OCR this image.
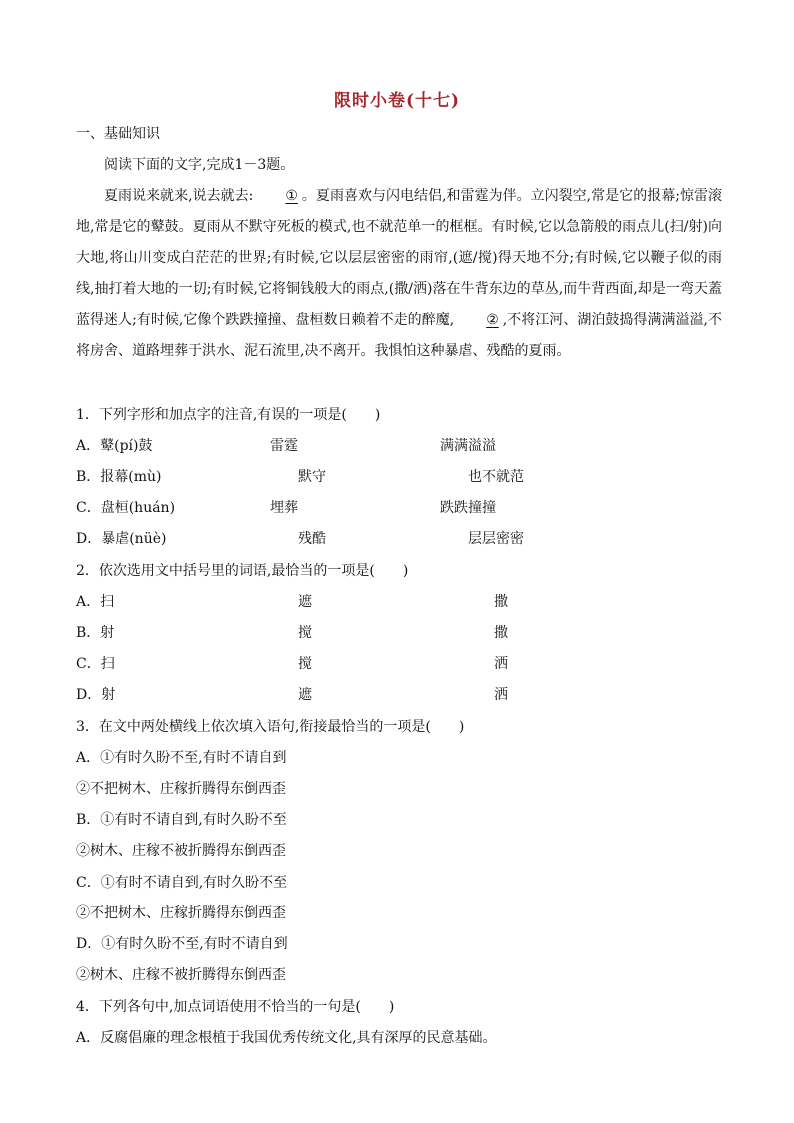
限时小卷(十七)
一、基础知识
阅读下面的文字,完成1－3题。
夏雨说来就来,说去就去: ① 。夏雨喜欢与闪电结侣,和雷霆为伴。立闪裂空,常是它的报幕;惊雷滚地,常是它的鼙鼓。夏雨从不默守死板的模式,也不就范单一的框框。有时候,它以急箭般的雨点儿(扫/射)向大地,将山川变成白茫茫的世界;有时候,它以层层密密的雨帘,(遮/搅)得天地不分;有时候,它以鞭子似的雨线,抽打着大地的一切;有时候,它将铜钱般大的雨点,(撒/洒)落在牛背东边的草丛,而牛背西面,却是一弯天蓋蓝得迷人;有时候,它像个跌跌撞撞、盘桓数日赖着不走的醉魔, ② ,不将江河、湖泊鼓捣得满满溢溢,不将房舍、道路埋葬于洪水、泥石流里,决不离开。我惧怕这种暴虐、残酷的夏雨。
1．下列字形和加点字的注音,有误的一项是(　　)
A．鼙(pí)鼓	雷霆	满满溢溢
B．报幕(mù)	默守	也不就范
C．盘桓(huán)	埋葬	跌跌撞撞
D．暴虐(nüè)	残酷	层层密密
2．依次选用文中括号里的词语,最恰当的一项是(　　)
A．扫	遮	撒
B．射	搅	撒
C．扫	搅	洒
D．射	遮	洒
3．在文中两处横线上依次填入语句,衔接最恰当的一项是(　　)
A．①有时久盼不至,有时不请自到
②不把树木、庄稼折腾得东倒西歪
B．①有时不请自到,有时久盼不至
②树木、庄稼不被折腾得东倒西歪
C．①有时不请自到,有时久盼不至
②不把树木、庄稼折腾得东倒西歪
D．①有时久盼不至,有时不请自到
②树木、庄稼不被折腾得东倒西歪
4．下列各句中,加点词语使用不恰当的一句是(　　)
A．反腐倡廉的理念根植于我国优秀传统文化,具有深厚的民意基础。
